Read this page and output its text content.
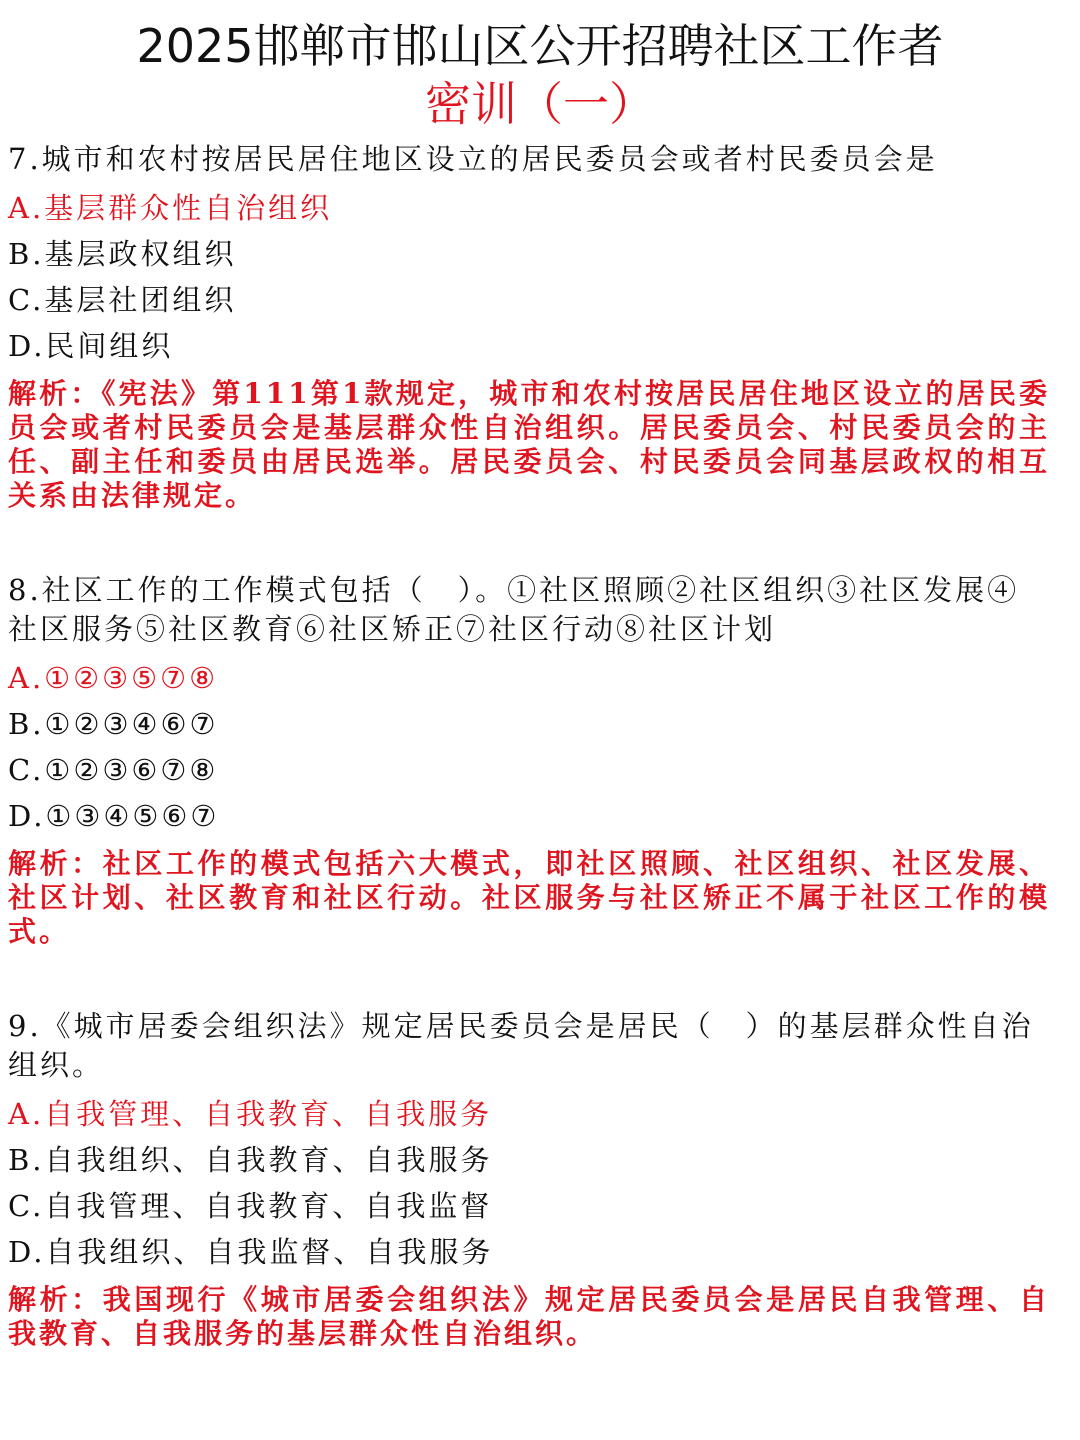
2025邯郸市邯山区公开招聘社区工作者
密训（一）
7.城市和农村按居民居住地区设立的居民委员会或者村民委员会是
A.基层群众性自治组织
B.基层政权组织
C.基层社团组织
D.民间组织
解析：《宪法》第111第1款规定，城市和农村按居民居住地区设立的居民委员会或者村民委员会是基层群众性自治组织。居民委员会、村民委员会的主任、副主任和委员由居民选举。居民委员会、村民委员会同基层政权的相互关系由法律规定。
8.社区工作的工作模式包括（　）。①社区照顾②社区组织③社区发展④社区服务⑤社区教育⑥社区矫正⑦社区行动⑧社区计划
A.①②③⑤⑦⑧
B.①②③④⑥⑦
C.①②③⑥⑦⑧
D.①③④⑤⑥⑦
解析：社区工作的模式包括六大模式，即社区照顾、社区组织、社区发展、社区计划、社区教育和社区行动。社区服务与社区矫正不属于社区工作的模式。
9.《城市居委会组织法》规定居民委员会是居民（　）的基层群众性自治组织。
A.自我管理、自我教育、自我服务
B.自我组织、自我教育、自我服务
C.自我管理、自我教育、自我监督
D.自我组织、自我监督、自我服务
解析：我国现行《城市居委会组织法》规定居民委员会是居民自我管理、自我教育、自我服务的基层群众性自治组织。
